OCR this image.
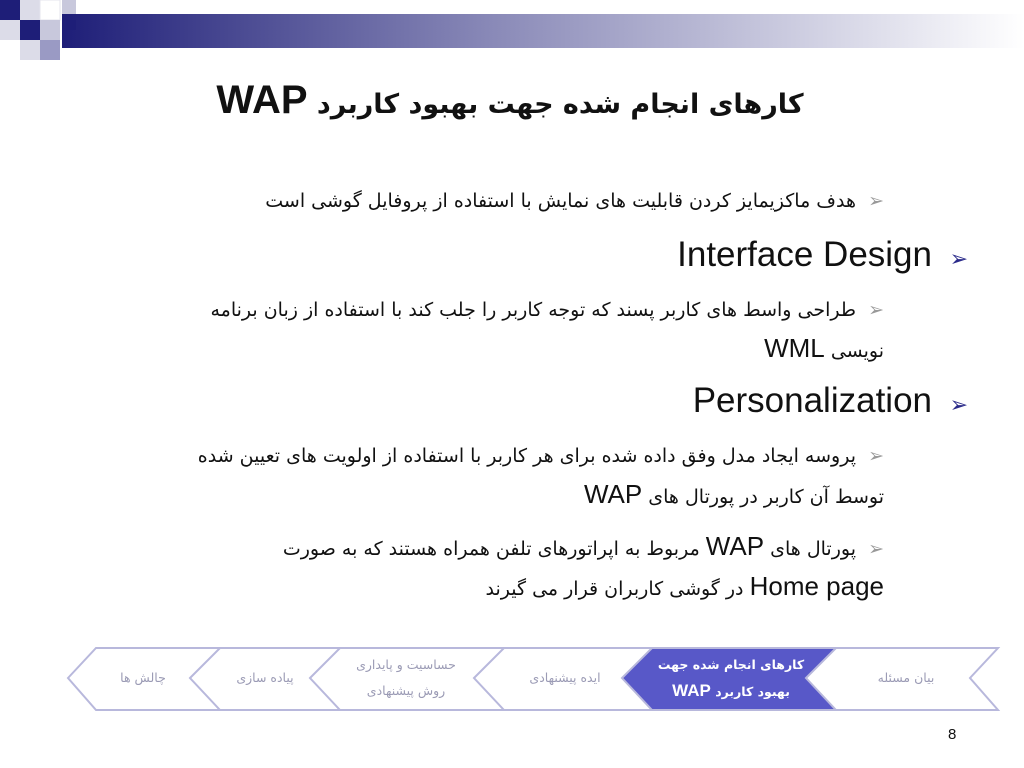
کارهای انجام شده جهت بهبود کاربرد WAP
➢هدف ماکزیمایز کردن قابلیت های نمایش با استفاده از پروفایل گوشی است
➢Interface Design
➢طراحی واسط های کاربر پسند که توجه کاربر را جلب کند با استفاده از زبان برنامه
نویسی WML
➢Personalization
➢پروسه ایجاد مدل وفق داده شده برای هر کاربر با استفاده از اولویت های تعیین شده
توسط آن کاربر در پورتال های WAP
➢پورتال های WAP مربوط به اپراتورهای تلفن همراه هستند که به صورت
Home page در گوشی کاربران قرار می گیرند
بیان مسئله
کارهای انجام شده جهت
بهبود کاربرد WAP
ایده پیشنهادی
حساسیت و پایداری
روش پیشنهادی
پیاده سازی
چالش ها
8
